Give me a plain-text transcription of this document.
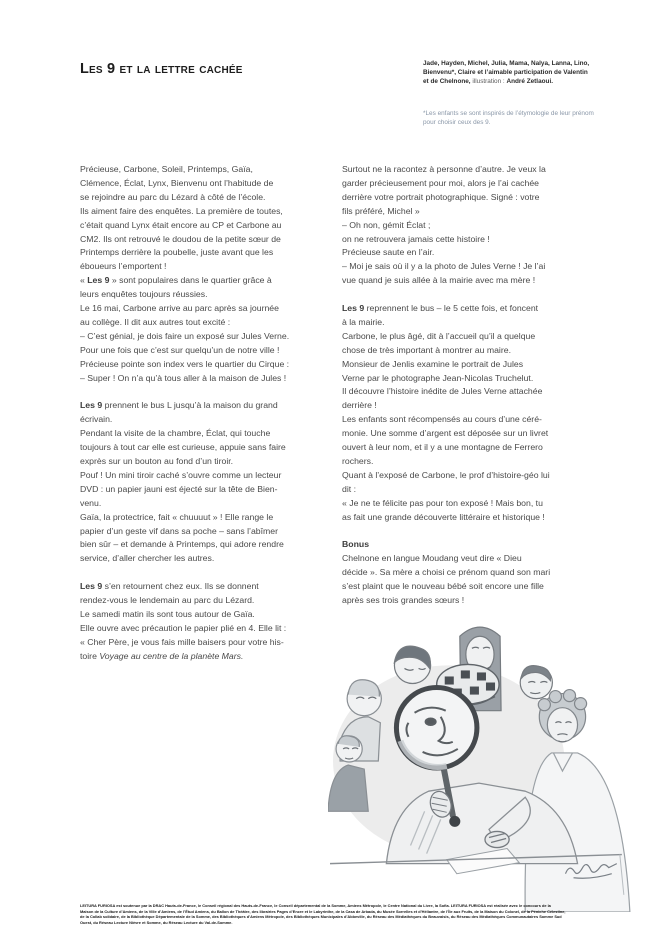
Les 9 et la lettre cachée	Jade, Hayden, Michel, Julia, Mama, Nalya, Lanna, Lino, Bienvenu*, Claire et l’aimable participation de Valentin et de Chelnone, illustration : André Zetlaoui.
*Les enfants se sont inspirés de l’étymologie de leur prénom pour choisir ceux des 9.
Précieuse, Carbone, Soleil, Printemps, Gaïa,
Clémence, Éclat, Lynx, Bienvenu ont l’habitude de
se rejoindre au parc du Lézard à côté de l’école.
Ils aiment faire des enquêtes. La première de toutes,
c’était quand Lynx était encore au CP et Carbone au
CM2. Ils ont retrouvé le doudou de la petite sœur de
Printemps derrière la poubelle, juste avant que les
éboueurs l’emportent !
« Les 9 » sont populaires dans le quartier grâce à
leurs enquêtes toujours réussies.
Le 16 mai, Carbone arrive au parc après sa journée
au collège. Il dit aux autres tout excité :
– C’est génial, je dois faire un exposé sur Jules Verne.
Pour une fois que c’est sur quelqu’un de notre ville !
Précieuse pointe son index vers le quartier du Cirque :
– Super ! On n’a qu’à tous aller à la maison de Jules !
Les 9 prennent le bus L jusqu’à la maison du grand
écrivain.
Pendant la visite de la chambre, Éclat, qui touche
toujours à tout car elle est curieuse, appuie sans faire
exprès sur un bouton au fond d’un tiroir.
Pouf ! Un mini tiroir caché s’ouvre comme un lecteur
DVD : un papier jauni est éjecté sur la tête de Bien-
venu.
Gaïa, la protectrice, fait « chuuuut » ! Elle range le
papier d’un geste vif dans sa poche – sans l’abîmer
bien sûr – et demande à Printemps, qui adore rendre
service, d’aller chercher les autres.
Les 9 s’en retournent chez eux. Ils se donnent
rendez-vous le lendemain au parc du Lézard.
Le samedi matin ils sont tous autour de Gaïa.
Elle ouvre avec précaution le papier plié en 4. Elle lit :
« Cher Père, je vous fais mille baisers pour votre his-
toire Voyage au centre de la planète Mars.
Surtout ne la racontez à personne d’autre. Je veux la
garder précieusement pour moi, alors je l’ai cachée
derrière votre portrait photographique. Signé : votre
fils préféré, Michel »
– Oh non, gémit Éclat ;
on ne retrouvera jamais cette histoire !
Précieuse saute en l’air.
– Moi je sais où il y a la photo de Jules Verne ! Je l’ai
vue quand je suis allée à la mairie avec ma mère !
Les 9 reprennent le bus – le 5 cette fois, et foncent
à la mairie.
Carbone, le plus âgé, dit à l’accueil qu’il a quelque
chose de très important à montrer au maire.
Monsieur de Jenlis examine le portrait de Jules
Verne par le photographe Jean-Nicolas Truchelut.
Il découvre l’histoire inédite de Jules Verne attachée
derrière !
Les enfants sont récompensés au cours d’une céré-
monie. Une somme d’argent est déposée sur un livret
ouvert à leur nom, et il y a une montagne de Ferrero
rochers.
Quant à l’exposé de Carbone, le prof d’histoire-géo lui
dit :
« Je ne te félicite pas pour ton exposé ! Mais bon, tu
as fait une grande découverte littéraire et historique !
Bonus
Chelnone en langue Moudang veut dire « Dieu
décide ». Sa mère a choisi ce prénom quand son mari
s’est plaint que le nouveau bébé soit encore une fille
après ses trois grandes sœurs !
LEITURA FURIOSA est soutenue par la DRAC Hauts-de-France, le Conseil régional des Hauts-de-France, le Conseil départemental de la Somme, Amiens Métropole, le Centre National du Livre, la Sofia. LEITURA FURIOSA est réalisée avec le concours de la
Maison de la Culture d’Amiens, de la Ville d’Amiens, de l’Étud Amiens, du Ballon de Théâtre, des librairies Pages d’Encre et le Labyrinthe, de la Casa de Arbada, du Musée Sorrelles et d’Héliantre, de l’Île aux Fruits, de la Maison du Colonel, de la Péniche Célestine,
de la Collab solidaire, de la Bibliothèque Départementale de la Somme, des Bibliothèques d’Amiens Métropole, des Bibliothèques Municipales d’Abbeville, du Réseau des Médiathèques du Beauvaisis, du Réseau des Médiathèques Communautaires Somme Sud
Ouest, du Réseau Lecture Nièvre et Somme, du Réseau Lecture du Val-de-Somme.
